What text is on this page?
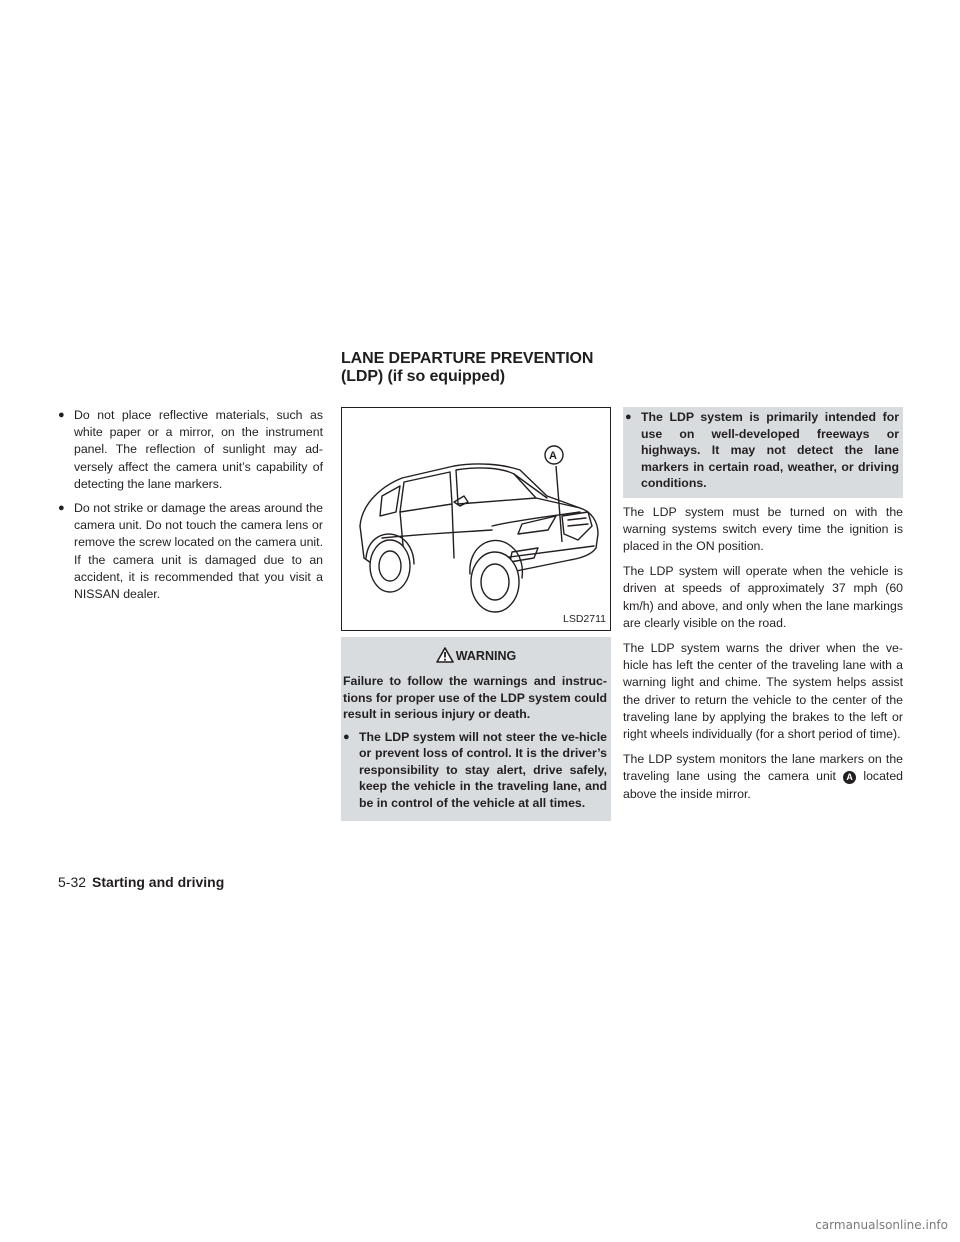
LANE DEPARTURE PREVENTION
(LDP) (if so equipped)
● Do not place reflective materials, such as white paper or a mirror, on the instrument panel. The reflection of sunlight may ad-versely affect the camera unit’s capability of detecting the lane markers.
● Do not strike or damage the areas around the camera unit. Do not touch the camera lens or remove the screw located on the camera unit. If the camera unit is damaged due to an accident, it is recommended that you visit a NISSAN dealer.
A
LSD2711
WARNING

Failure to follow the warnings and instruc-tions for proper use of the LDP system could result in serious injury or death.

● The LDP system will not steer the ve-hicle or prevent loss of control. It is the driver’s responsibility to stay alert, drive safely, keep the vehicle in the traveling lane, and be in control of the vehicle at all times.
● The LDP system is primarily intended for use on well-developed freeways or highways. It may not detect the lane markers in certain road, weather, or driving conditions.

The LDP system must be turned on with the warning systems switch every time the ignition is placed in the ON position.

The LDP system will operate when the vehicle is driven at speeds of approximately 37 mph (60 km/h) and above, and only when the lane markings are clearly visible on the road.

The LDP system warns the driver when the ve-hicle has left the center of the traveling lane with a warning light and chime. The system helps assist the driver to return the vehicle to the center of the traveling lane by applying the brakes to the left or right wheels individually (for a short period of time).

The LDP system monitors the lane markers on the traveling lane using the camera unit A located above the inside mirror.

5-32 Starting and driving
carmanualsonline.info
